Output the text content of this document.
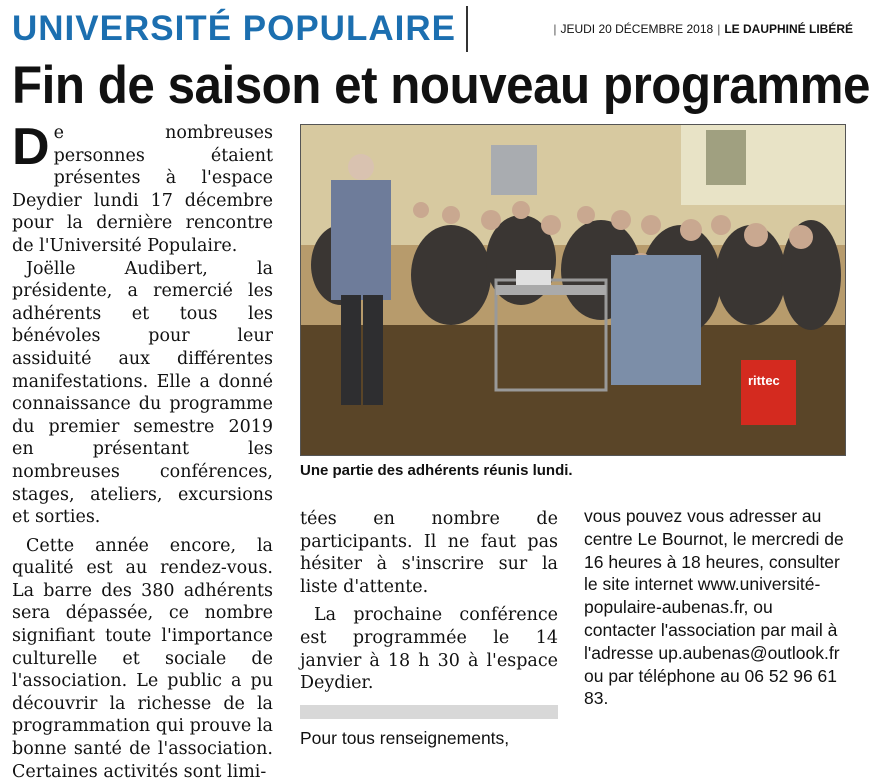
UNIVERSITÉ POPULAIRE	| JEUDI 20 DÉCEMBRE 2018 | LE DAUPHINÉ LIBÉRÉ
Fin de saison et nouveau programme

De nombreuses personnes étaient présentes à l'espace Deydier lundi 17 décembre pour la dernière rencontre de l'Université Populaire.

Joëlle Audibert, la présidente, a remercié les adhérents et tous les bénévoles pour leur assiduité aux différentes manifestations. Elle a donné connaissance du programme du premier semestre 2019 en présentant les nombreuses conférences, stages, ateliers, excursions et sorties.

Cette année encore, la qualité est au rendez-vous. La barre des 380 adhérents sera dépassée, ce nombre signifiant toute l'importance culturelle et sociale de l'association. Le public a pu découvrir la richesse de la programmation qui prouve la bonne santé de l'association. Certaines activités sont limi-

rittec
Une partie des adhérents réunis lundi.

tées en nombre de participants. Il ne faut pas hésiter à s'inscrire sur la liste d'attente.

La prochaine conférence est programmée le 14 janvier à 18 h 30 à l'espace Deydier.

Pour tous renseignements,

vous pouvez vous adresser au centre Le Bournot, le mercredi de 16 heures à 18 heures, consulter le site internet www.université-populaire-aubenas.fr, ou contacter l'association par mail à l'adresse up.aubenas@outlook.fr ou par téléphone au 06 52 96 61 83.
